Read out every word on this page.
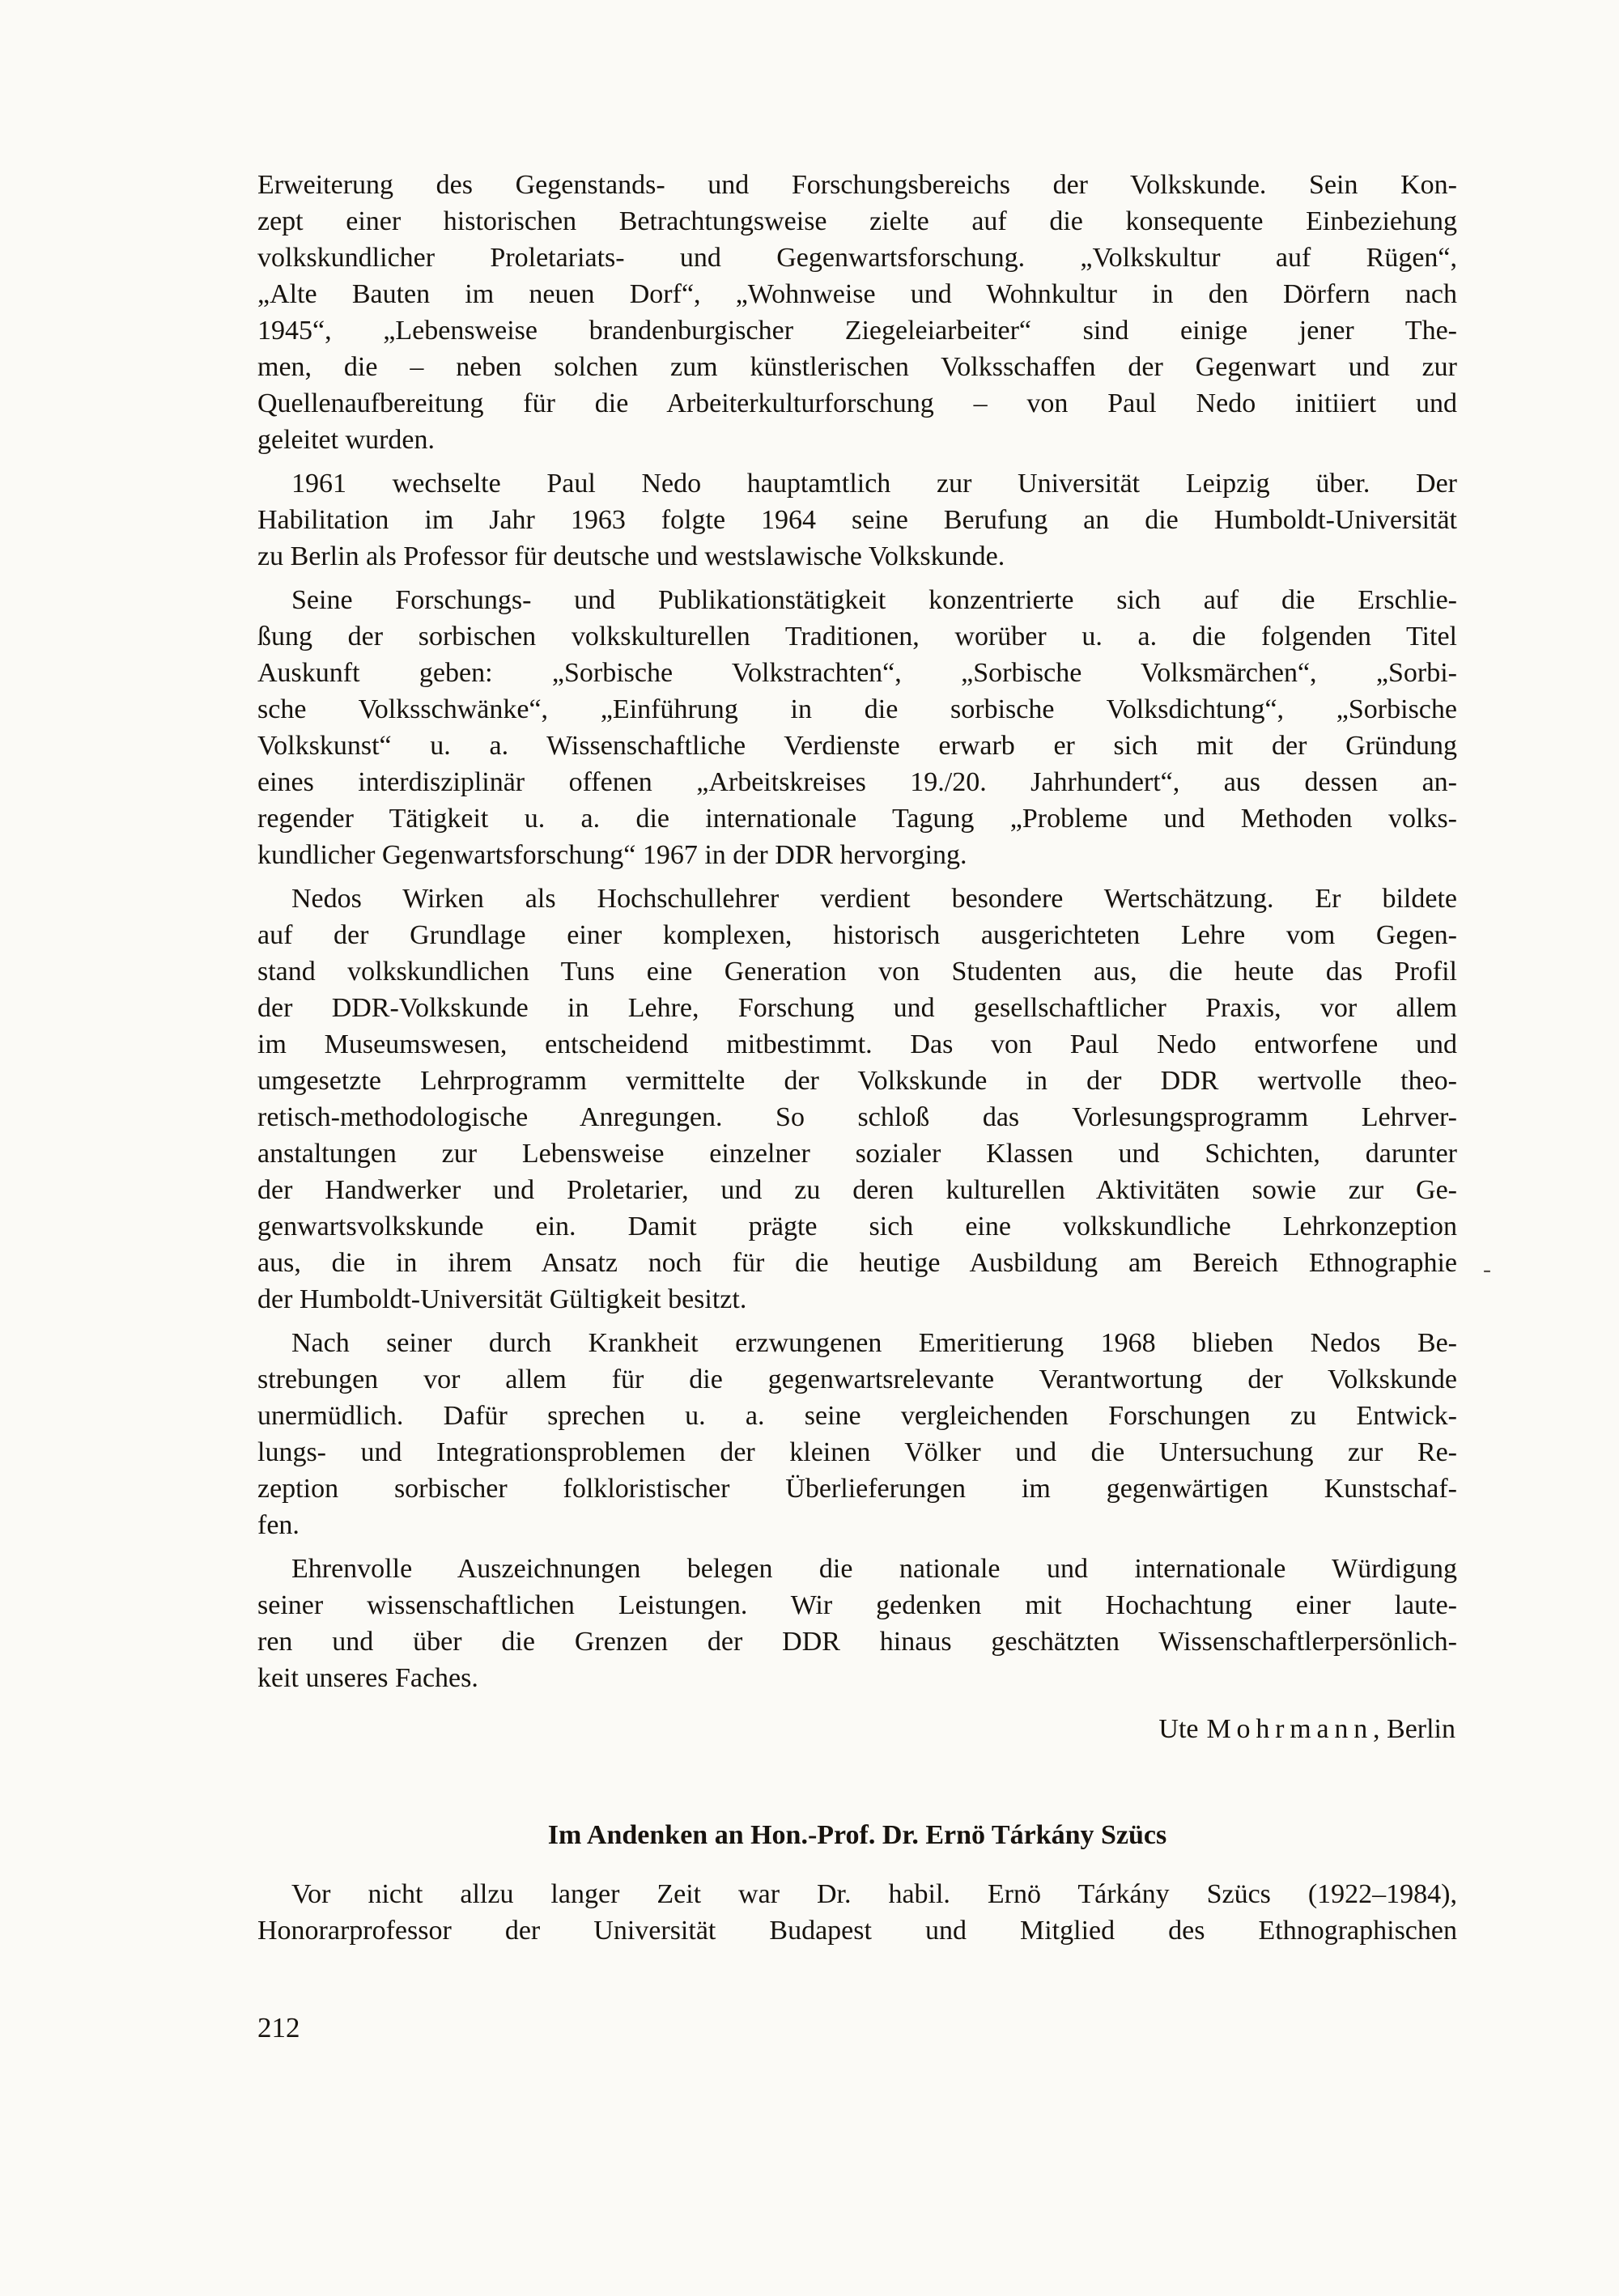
Erweiterung des Gegenstands- und Forschungsbereichs der Volkskunde. Sein Kon-
zept einer historischen Betrachtungsweise zielte auf die konsequente Einbeziehung
volkskundlicher Proletariats- und Gegenwartsforschung. „Volkskultur auf Rügen“,
„Alte Bauten im neuen Dorf“, „Wohnweise und Wohnkultur in den Dörfern nach
1945“, „Lebensweise brandenburgischer Ziegeleiarbeiter“ sind einige jener The-
men, die – neben solchen zum künstlerischen Volksschaffen der Gegenwart und zur
Quellenaufbereitung für die Arbeiterkulturforschung – von Paul Nedo initiiert und
geleitet wurden.

1961 wechselte Paul Nedo hauptamtlich zur Universität Leipzig über. Der
Habilitation im Jahr 1963 folgte 1964 seine Berufung an die Humboldt-Universität
zu Berlin als Professor für deutsche und westslawische Volkskunde.

Seine Forschungs- und Publikationstätigkeit konzentrierte sich auf die Erschlie-
ßung der sorbischen volkskulturellen Traditionen, worüber u. a. die folgenden Titel
Auskunft geben: „Sorbische Volkstrachten“, „Sorbische Volksmärchen“, „Sorbi-
sche Volksschwänke“, „Einführung in die sorbische Volksdichtung“, „Sorbische
Volkskunst“ u. a. Wissenschaftliche Verdienste erwarb er sich mit der Gründung
eines interdisziplinär offenen „Arbeitskreises 19./20. Jahrhundert“, aus dessen an-
regender Tätigkeit u. a. die internationale Tagung „Probleme und Methoden volks-
kundlicher Gegenwartsforschung“ 1967 in der DDR hervorging.

Nedos Wirken als Hochschullehrer verdient besondere Wertschätzung. Er bildete
auf der Grundlage einer komplexen, historisch ausgerichteten Lehre vom Gegen-
stand volkskundlichen Tuns eine Generation von Studenten aus, die heute das Profil
der DDR-Volkskunde in Lehre, Forschung und gesellschaftlicher Praxis, vor allem
im Museumswesen, entscheidend mitbestimmt. Das von Paul Nedo entworfene und
umgesetzte Lehrprogramm vermittelte der Volkskunde in der DDR wertvolle theo-
retisch-methodologische Anregungen. So schloß das Vorlesungsprogramm Lehrver-
anstaltungen zur Lebensweise einzelner sozialer Klassen und Schichten, darunter
der Handwerker und Proletarier, und zu deren kulturellen Aktivitäten sowie zur Ge-
genwartsvolkskunde ein. Damit prägte sich eine volkskundliche Lehrkonzeption
aus, die in ihrem Ansatz noch für die heutige Ausbildung am Bereich Ethnographie
der Humboldt-Universität Gültigkeit besitzt.

Nach seiner durch Krankheit erzwungenen Emeritierung 1968 blieben Nedos Be-
strebungen vor allem für die gegenwartsrelevante Verantwortung der Volkskunde
unermüdlich. Dafür sprechen u. a. seine vergleichenden Forschungen zu Entwick-
lungs- und Integrationsproblemen der kleinen Völker und die Untersuchung zur Re-
zeption sorbischer folkloristischer Überlieferungen im gegenwärtigen Kunstschaf-
fen.

Ehrenvolle Auszeichnungen belegen die nationale und internationale Würdigung
seiner wissenschaftlichen Leistungen. Wir gedenken mit Hochachtung einer laute-
ren und über die Grenzen der DDR hinaus geschätzten Wissenschaftlerpersönlich-
keit unseres Faches.

Ute Mohrmann, Berlin
Im Andenken an Hon.-Prof. Dr. Ernö Tárkány Szücs

Vor nicht allzu langer Zeit war Dr. habil. Ernö Tárkány Szücs (1922–1984),
Honorarprofessor der Universität Budapest und Mitglied des Ethnographischen

212
-
